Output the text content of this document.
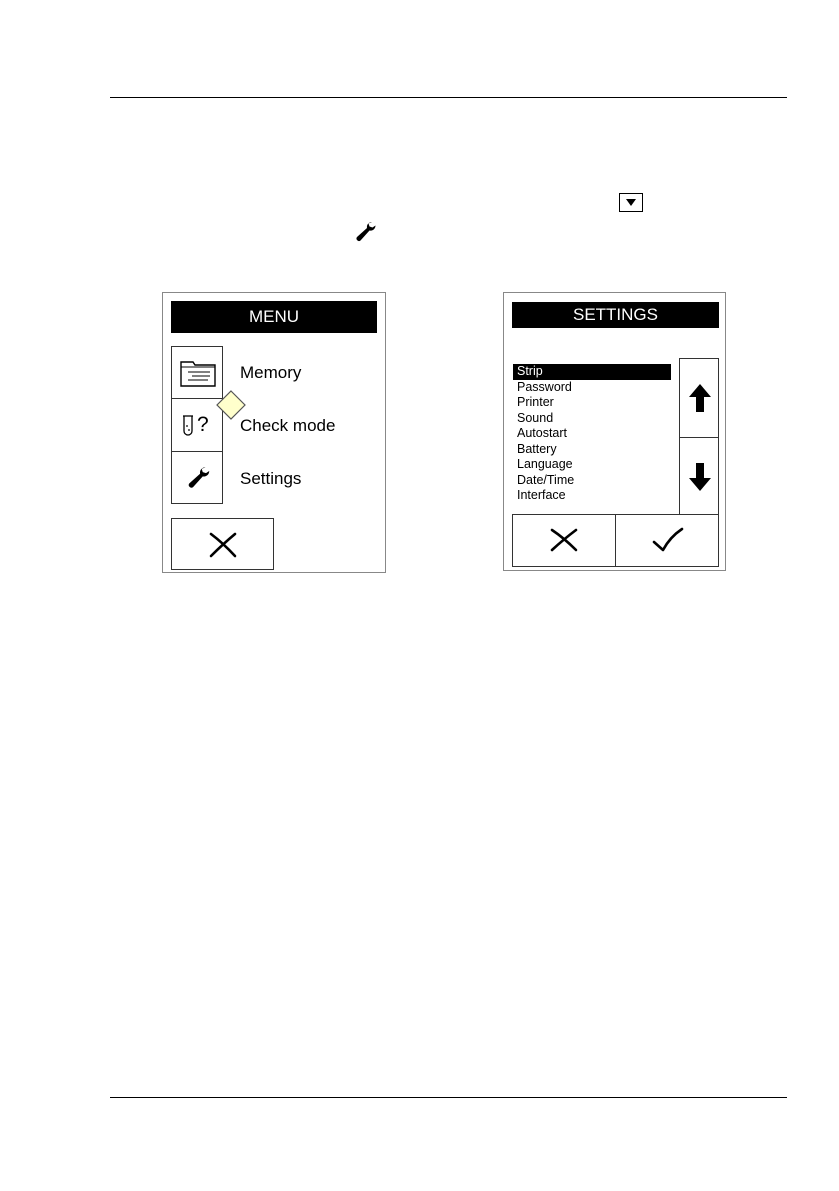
MENU
Memory
? Check mode
Settings
SETTINGS
Strip
Password
Printer
Sound
Autostart
Battery
Language
Date/Time
Interface
